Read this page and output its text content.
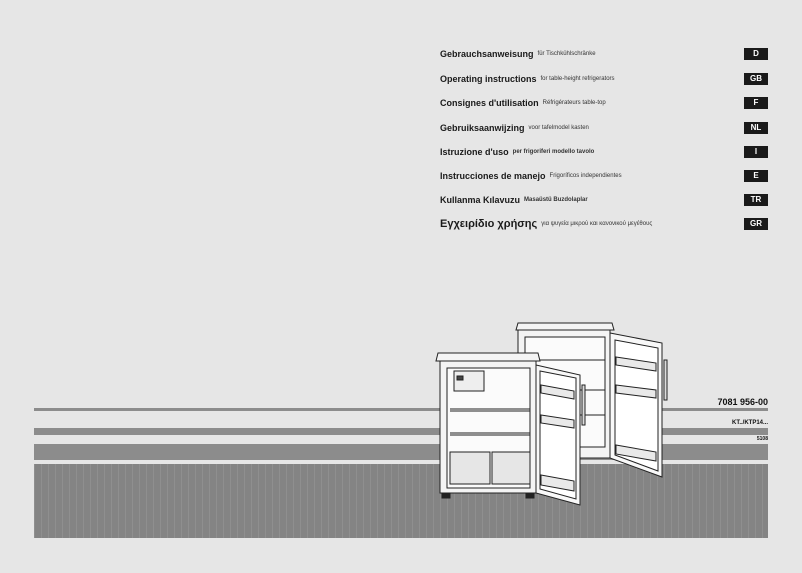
Gebrauchsanweisung für Tischkühlschränke	D
Operating instructions for table-height refrigerators	GB
Consignes d'utilisation Réfrigérateurs table-top	F
Gebruiksaanwijzing voor tafelmodel kasten	NL
Istruzione d'uso per frigoriferi modello tavolo	I
Instrucciones de manejo Frigoríficos independientes	E
Kullanma Kılavuzu Masaüstü Buzdolaplar	TR
Εγχειρίδιο χρήσης για ψυγεία μικρού και κανονικού μεγέθους	GR
7081 956-00
KT../KTP14...
5108
